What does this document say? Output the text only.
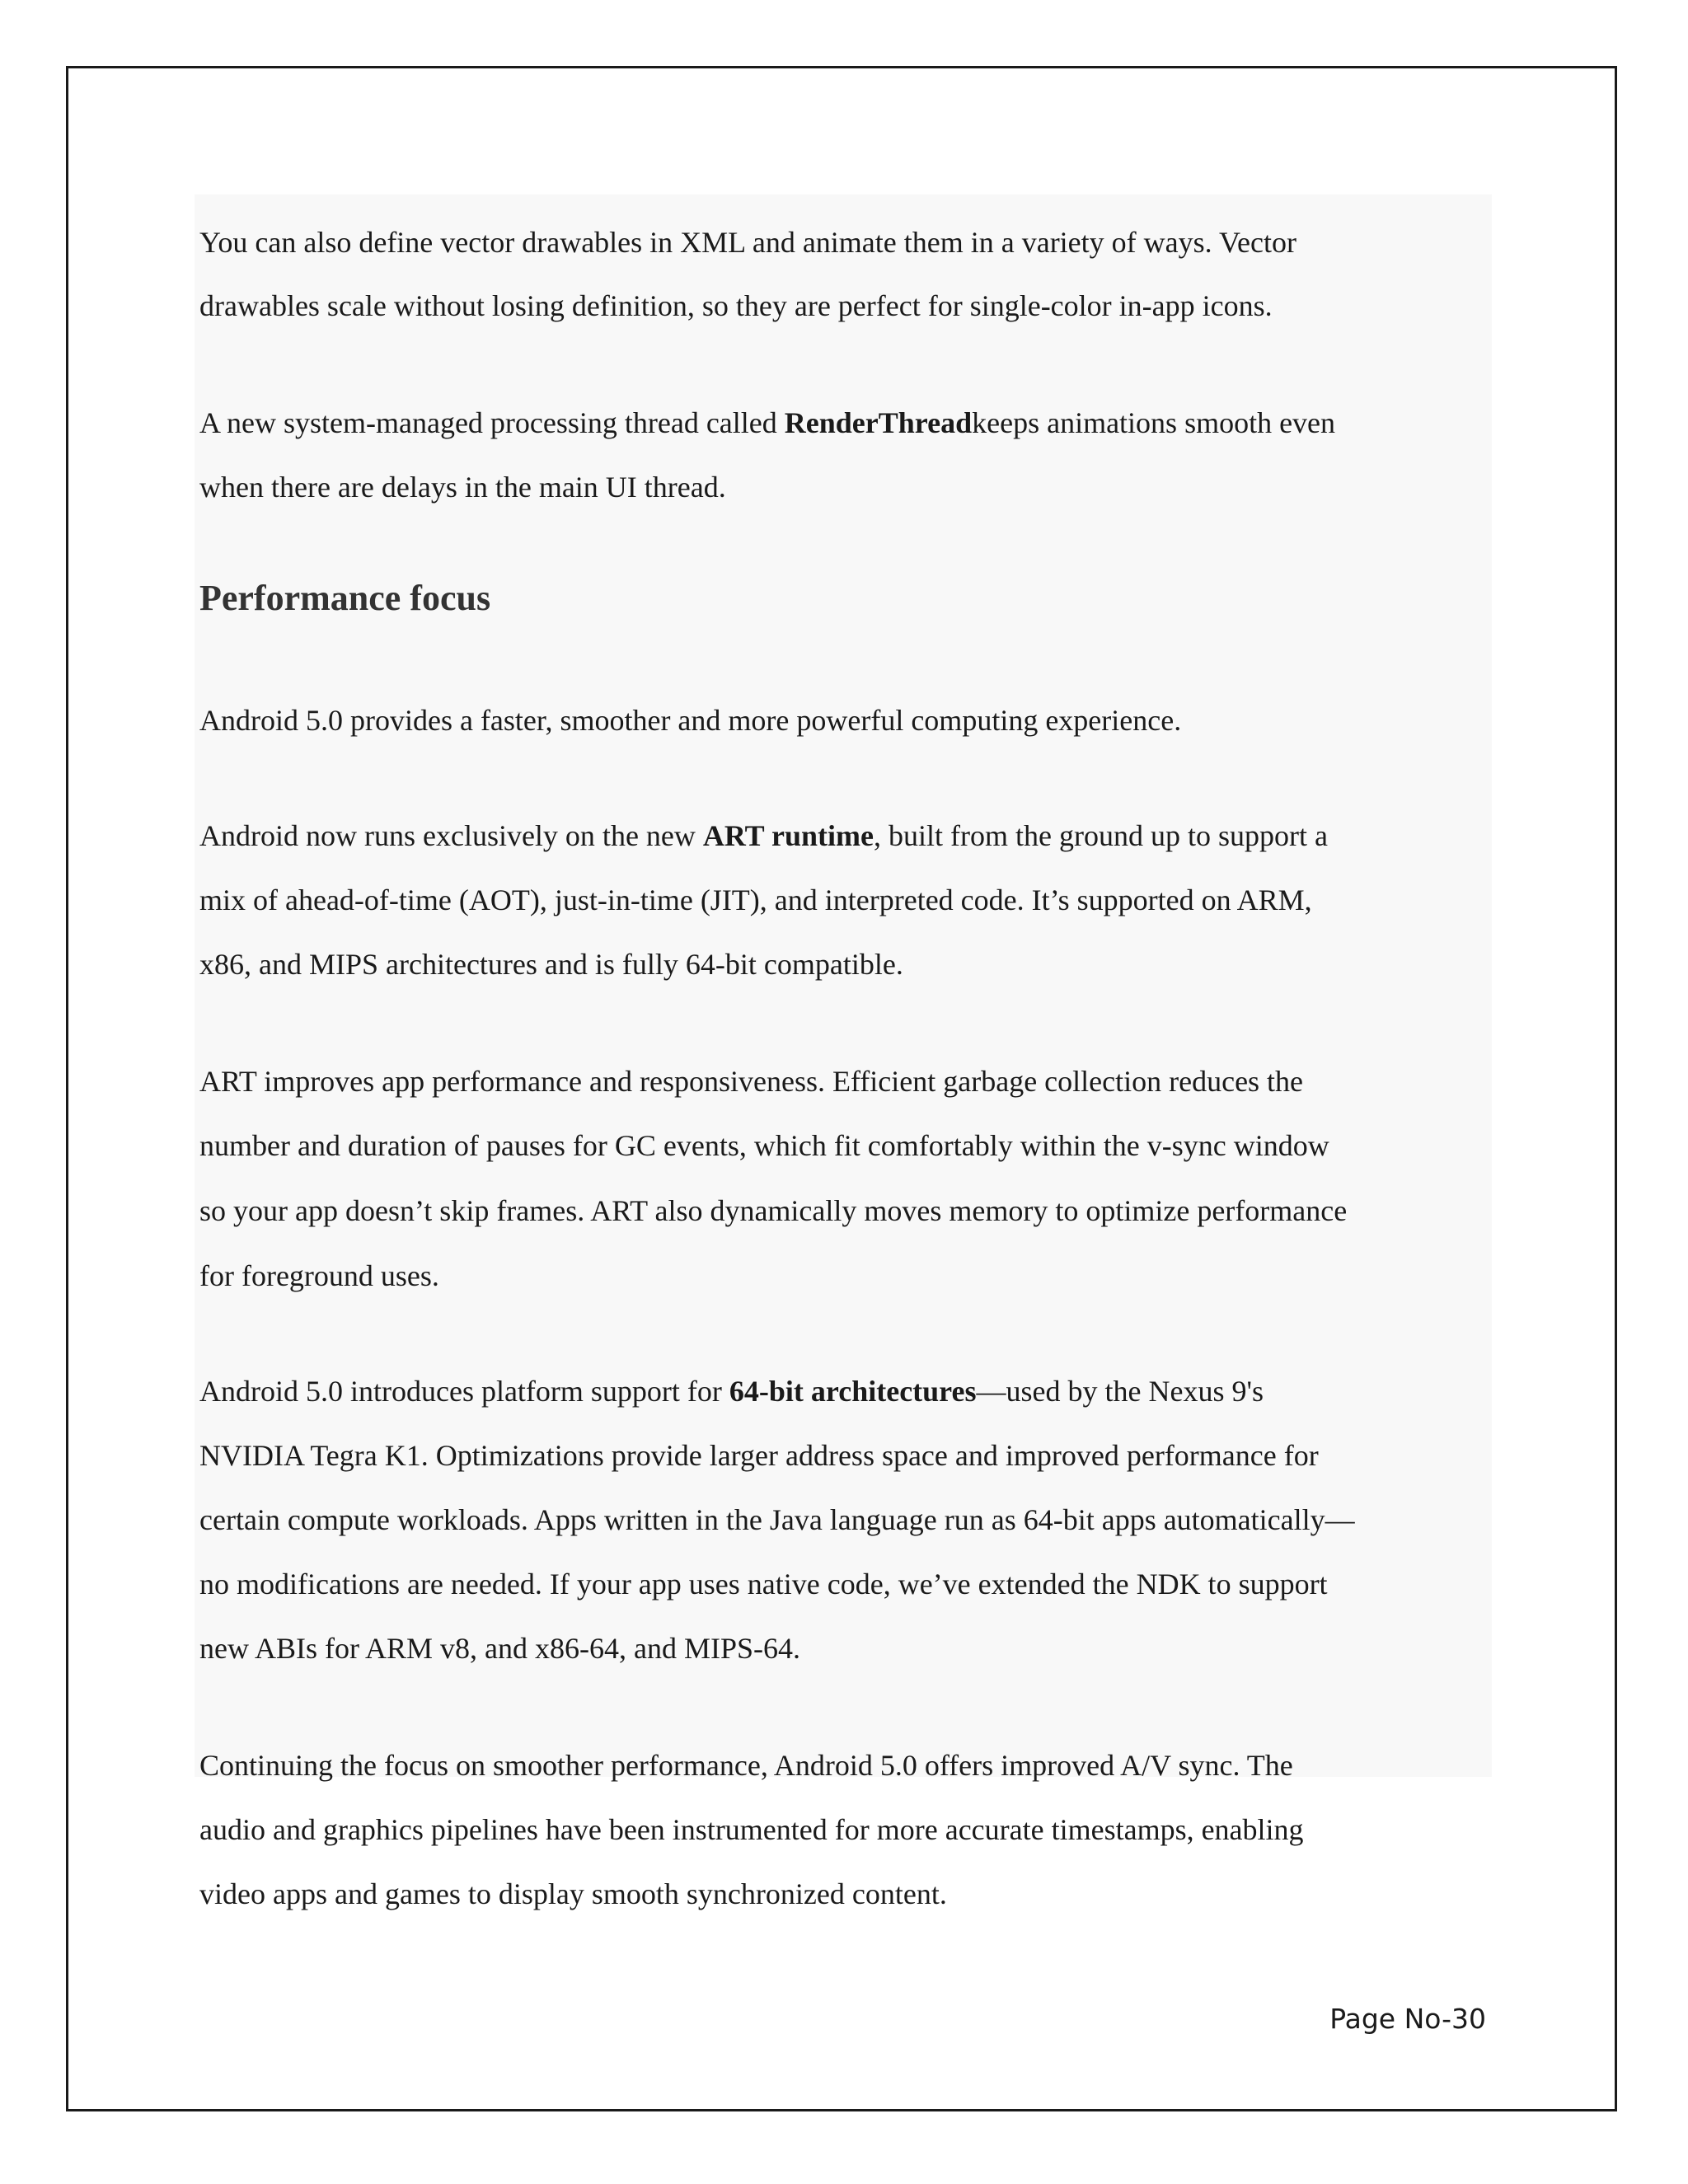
You can also define vector drawables in XML and animate them in a variety of ways. Vector
drawables scale without losing definition, so they are perfect for single-color in-app icons.
A new system-managed processing thread called RenderThreadkeeps animations smooth even
when there are delays in the main UI thread.
Performance focus
Android 5.0 provides a faster, smoother and more powerful computing experience.
Android now runs exclusively on the new ART runtime, built from the ground up to support a
mix of ahead-of-time (AOT), just-in-time (JIT), and interpreted code. It’s supported on ARM,
x86, and MIPS architectures and is fully 64-bit compatible.
ART improves app performance and responsiveness. Efficient garbage collection reduces the
number and duration of pauses for GC events, which fit comfortably within the v-sync window
so your app doesn’t skip frames. ART also dynamically moves memory to optimize performance
for foreground uses.
Android 5.0 introduces platform support for 64-bit architectures—used by the Nexus 9's
NVIDIA Tegra K1. Optimizations provide larger address space and improved performance for
certain compute workloads. Apps written in the Java language run as 64-bit apps automatically—
no modifications are needed. If your app uses native code, we’ve extended the NDK to support
new ABIs for ARM v8, and x86-64, and MIPS-64.
Continuing the focus on smoother performance, Android 5.0 offers improved A/V sync. The
audio and graphics pipelines have been instrumented for more accurate timestamps, enabling
video apps and games to display smooth synchronized content.
Page No-30
